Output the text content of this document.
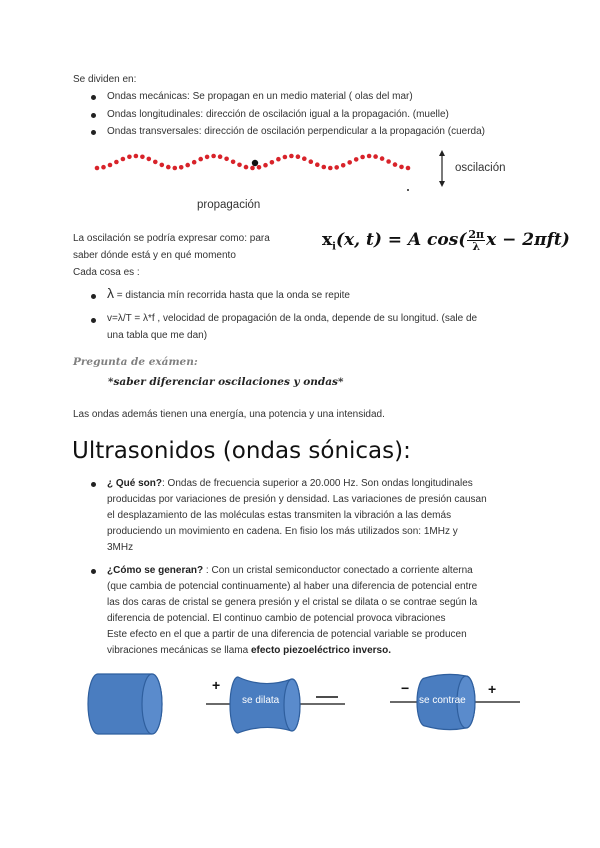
Se dividen en:
Ondas mecánicas: Se propagan en un medio material ( olas del mar)
Ondas longitudinales: dirección de oscilación igual a la propagación. (muelle)
Ondas transversales: dirección de oscilación perpendicular a la propagación (cuerda)
oscilación
propagación
La oscilación se podría expresar como: para
saber dónde está y en qué momento
Cada cosa es :
$x_i(x$, t) = A $\cos( \frac{2\pi}{\lambda}$ x − 2πft)
λ = distancia mín recorrida hasta que la onda se repite
v=λ/T = λ*f , velocidad de propagación de la onda, depende de su longitud. (sale de
una tabla que me dan)
Pregunta de exámen:
*saber diferenciar oscilaciones y ondas*
Las ondas además tienen una energía, una potencia y una intensidad.
Ultrasonidos (ondas sónicas):
¿ Qué son?: Ondas de frecuencia superior a 20.000 Hz. Son ondas longitudinales
producidas por variaciones de presión y densidad. Las variaciones de presión causan
el desplazamiento de las moléculas estas transmiten la vibración a las demás
produciendo un movimiento en cadena. En fisio los más utilizados son: 1MHz y
3MHz
¿Cómo se generan? : Con un cristal semiconductor conectado a corriente alterna
(que cambia de potencial continuamente) al haber una diferencia de potencial entre
las dos caras de cristal se genera presión y el cristal se dilata o se contrae según la
diferencia de potencial. El continuo cambio de potencial provoca vibraciones
Este efecto en el que a partir de una diferencia de potencial variable se producen
vibraciones mecánicas se llama efecto piezoeléctrico inverso.
+	−	+
se dilata	se contrae
